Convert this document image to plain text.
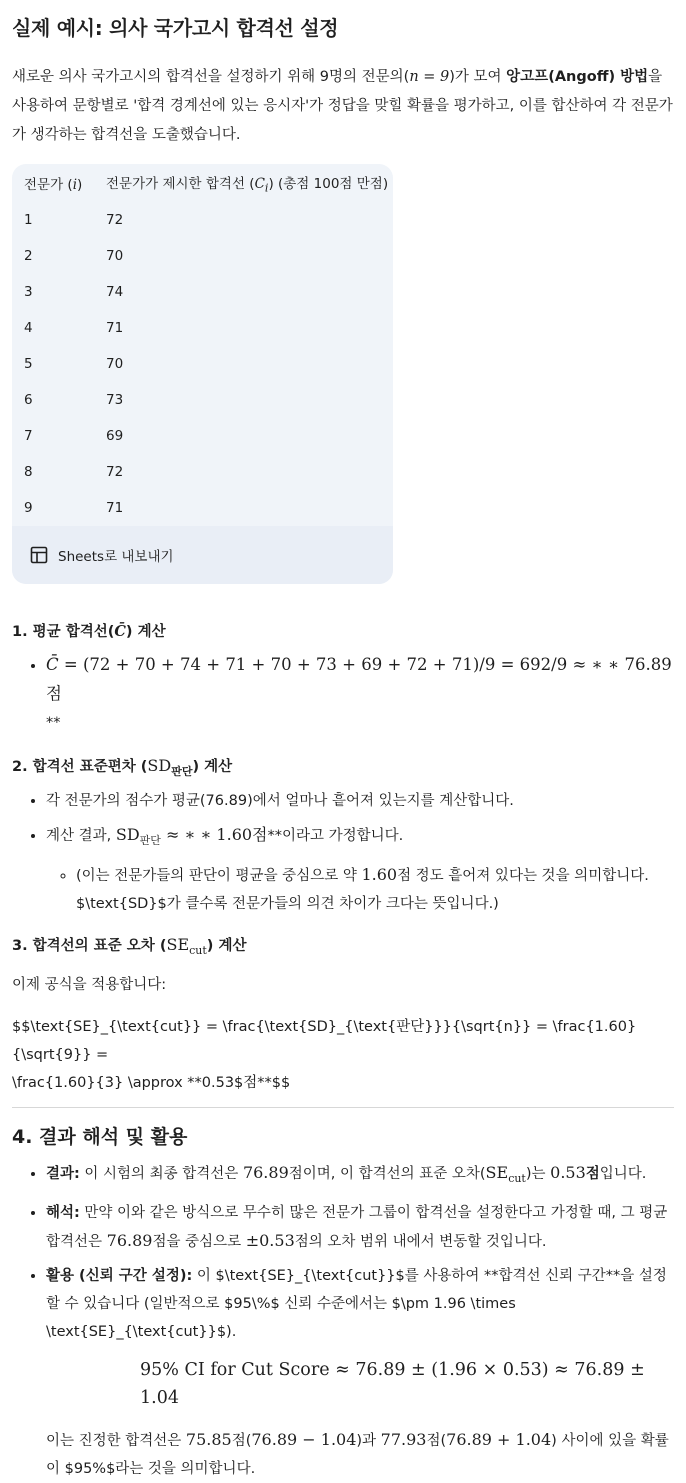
실제 예시: 의사 국가고시 합격선 설정

새로운 의사 국가고시의 합격선을 설정하기 위해 9명의 전문의(n = 9)가 모여 앙고프(Angoff) 방법을 사용하여 문항별로 '합격 경계선에 있는 응시자'가 정답을 맞힐 확률을 평가하고, 이를 합산하여 각 전문가가 생각하는 합격선을 도출했습니다.

전문가 (i)	전문가가 제시한 합격선 $(C_i)$ (총점 100점 만점)
1	72
2	70
3	74
4	71
5	70
6	73
7	69
8	72
9	71
Sheets로 내보내기
1. 평균 합격선(C̄) 계산
• C̄ = (72 + 70 + 74 + 71 + 70 + 73 + 69 + 72 + 71)/9 = 692/9 ≈ ∗ ∗ 76.89점
**
2. 합격선 표준편차 $(SD_{판단})$ 계산
• 각 전문가의 점수가 평균(76.89)에서 얼마나 흩어져 있는지를 계산합니다.
• 계산 결과, $SD_{판단}$ ≈ ∗ ∗ 1.60점**이라고 가정합니다.
◦ (이는 전문가들의 판단이 평균을 중심으로 약 1.60점 정도 흩어져 있다는 것을 의미합니다. $\text{SD}$가 클수록 전문가들의 의견 차이가 크다는 뜻입니다.)
3. 합격선의 표준 오차 $(SE_{cut})$ 계산

이제 공식을 적용합니다:

$$\text{SE}_{\text{cut}} = \frac{\text{SD}_{\text{판단}}}{\sqrt{n}} = \frac{1.60}{\sqrt{9}} =

\frac{1.60}{3} \approx **0.53$점**$$

4. 결과 해석 및 활용
• 결과: 이 시험의 최종 합격선은 76.89점이며, 이 합격선의 표준 오차$(SE_{cut})$는 0.53점입니다.
• 해석: 만약 이와 같은 방식으로 무수히 많은 전문가 그룹이 합격선을 설정한다고 가정할 때, 그 평균 합격선은 76.89점을 중심으로 ±0.53점의 오차 범위 내에서 변동할 것입니다.
• 활용 (신뢰 구간 설정): 이 $\text{SE}_{\text{cut}}$를 사용하여 **합격선 신뢰 구간**을 설정할 수 있습니다 (일반적으로 $95\%$ 신뢰 수준에서는 $\pm 1.96 \times \text{SE}_{\text{cut}}$).
95% CI for Cut Score ≈ 76.89 ± (1.96 × 0.53) ≈ 76.89 ± 1.04
이는 진정한 합격선은 75.85점(76.89 − 1.04)과 77.93점(76.89 + 1.04) 사이에 있을 확률이 $95%$라는 것을 의미합니다.
